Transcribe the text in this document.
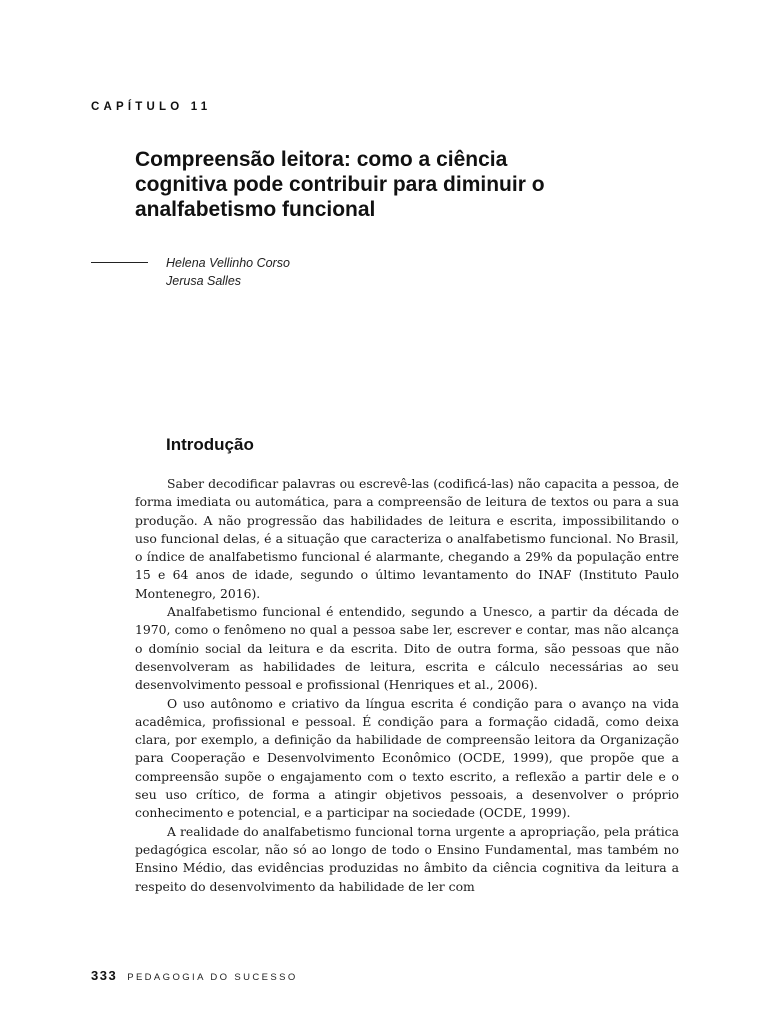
CAPÍTULO 11
Compreensão leitora: como a ciência
cognitiva pode contribuir para diminuir o
analfabetismo funcional
Helena Vellinho Corso
Jerusa Salles
Introdução

Saber decodificar palavras ou escrevê-las (codificá-las) não capacita a pessoa, de forma imediata ou automática, para a compreensão de leitura de textos ou para a sua produção. A não progressão das habilidades de leitura e escrita, impossibilitando o uso funcional delas, é a situação que caracteriza o analfabetismo funcional. No Brasil, o índice de analfabetismo funcional é alarmante, chegando a 29% da população entre 15 e 64 anos de idade, segundo o último levantamento do INAF (Instituto Paulo Montenegro, 2016).

Analfabetismo funcional é entendido, segundo a Unesco, a partir da década de 1970, como o fenômeno no qual a pessoa sabe ler, escrever e contar, mas não alcança o domínio social da leitura e da escrita. Dito de outra forma, são pessoas que não desenvolveram as habilidades de leitura, escrita e cálculo necessárias ao seu desenvolvimento pessoal e profissional (Henriques et al., 2006).

O uso autônomo e criativo da língua escrita é condição para o avanço na vida acadêmica, profissional e pessoal. É condição para a formação cidadã, como deixa clara, por exemplo, a definição da habilidade de compreensão leitora da Organização para Cooperação e Desenvolvimento Econômico (OCDE, 1999), que propõe que a compreensão supõe o engajamento com o texto escrito, a reflexão a partir dele e o seu uso crítico, de forma a atingir objetivos pessoais, a desenvolver o próprio conhecimento e potencial, e a participar na sociedade (OCDE, 1999).

A realidade do analfabetismo funcional torna urgente a apropriação, pela prática pedagógica escolar, não só ao longo de todo o Ensino Fundamental, mas também no Ensino Médio, das evidências produzidas no âmbito da ciência cognitiva da leitura a respeito do desenvolvimento da habilidade de ler com

333 PEDAGOGIA DO SUCESSO
